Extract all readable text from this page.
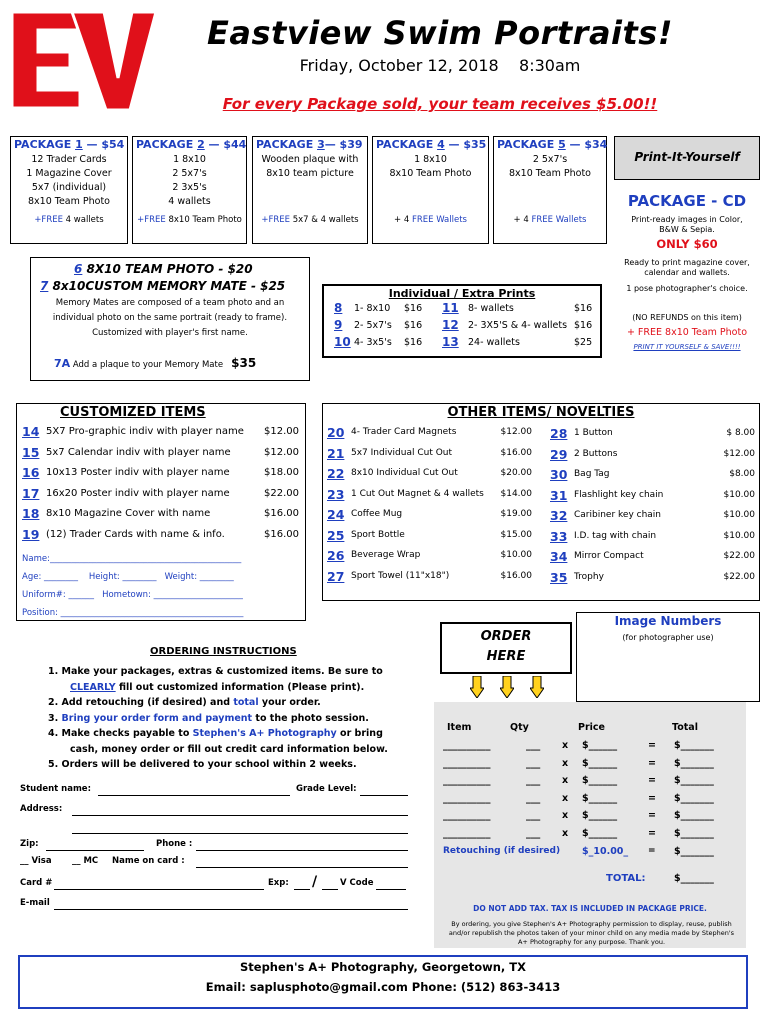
Eastview Swim Portraits!
Friday, October 12, 2018 8:30am
For every Package sold, your team receives $5.00!!
PACKAGE 1 — $54
12 Trader Cards
1 Magazine Cover
5x7 (individual)
8x10 Team Photo
+FREE 4 wallets
PACKAGE 2 — $44
1 8x10
2 5x7's
2 3x5's
4 wallets
+FREE 8x10 Team Photo
PACKAGE 3— $39
Wooden plaque with
8x10 team picture
+FREE 5x7 & 4 wallets
PACKAGE 4 — $35
1 8x10
8x10 Team Photo
+ 4 FREE Wallets
PACKAGE 5 — $34
2 5x7's
8x10 Team Photo
+ 4 FREE Wallets
Print-It-Yourself
PACKAGE - CD
Print-ready images in Color, B&W & Sepia.
ONLY $60
Ready to print magazine cover, calendar and wallets.
1 pose photographer's choice.
(NO REFUNDS on this item)
+ FREE 8x10 Team Photo
PRINT IT YOURSELF & SAVE!!!!
6 8X10 TEAM PHOTO - $20
7 8x10CUSTOM MEMORY MATE - $25
Memory Mates are composed of a team photo and an individual photo on the same portrait (ready to frame). Customized with player's first name.
7A Add a plaque to your Memory Mate $35
Individual / Extra Prints
8 1- 8x10 $16 11 8- wallets	$16
9 2- 5x7's $16 12 2- 3X5'S & 4- wallets $16
10 4- 3x5's $16 13 24- wallets	$25
CUSTOMIZED ITEMS
14 5X7 Pro-graphic indiv with player name $12.00
15 5x7 Calendar indiv with player name	$12.00
16 10x13 Poster indiv with player name	$18.00
17 16x20 Poster indiv with player name	$22.00
18 8x10 Magazine Cover with name	$16.00
19 (12) Trader Cards with name & info.	$16.00
Name:_____________________________________________
Age: ________    Height: ________   Weight: ________
Uniform#: ______   Hometown: _____________________
Position: ___________________________________________
OTHER ITEMS/ NOVELTIES
20 4- Trader Card Magnets	$12.00
21 5x7 Individual Cut Out	$16.00
22 8x10 Individual Cut Out	$20.00
23 1 Cut Out Magnet & 4 wallets $14.00
24 Coffee Mug	$19.00
25 Sport Bottle	$15.00
26 Beverage Wrap	$10.00
27 Sport Towel (11"x18")	$16.00
28 1 Button	$ 8.00
29 2 Buttons	$12.00
30 Bag Tag	$8.00
31 Flashlight key chain	$10.00
32 Caribiner key chain	$10.00
33 I.D. tag with chain	$10.00
34 Mirror Compact	$22.00
35 Trophy	$22.00
Image Numbers
(for photographer use)
ORDER
HERE
ORDERING INSTRUCTIONS
1. Make your packages, extras & customized items. Be sure to
CLEARLY fill out customized information (Please print).
2. Add retouching (if desired) and total your order.
3. Bring your order form and payment to the photo session.
4. Make checks payable to Stephen's A+ Photography or bring
cash, money order or fill out credit card information below.
5. Orders will be delivered to your school within 2 weeks.
Student name:	Grade Level:
Address:
Zip:	Phone :
__ Visa __ MC Name on card :
Card #	Exp: /	V Code
E-mail
Item	Qty	Price	Total
__________	___ x $______	= $_______
__________	___ x $______	= $_______
__________	___ x $______	= $_______
__________	___ x $______	= $_______
__________	___ x $______	= $_______
__________	___ x $______	= $_______
Retouching (if desired) $_10.00_ = $_______
TOTAL:	$_______
DO NOT ADD TAX. TAX IS INCLUDED IN PACKAGE PRICE.
By ordering, you give Stephen's A+ Photography permission to display, reuse, publish and/or republish the photos taken of your minor child on any media made by Stephen's A+ Photography for any purpose. Thank you.
Stephen's A+ Photography, Georgetown, TX
Email: saplusphoto@gmail.com Phone: (512) 863-3413
